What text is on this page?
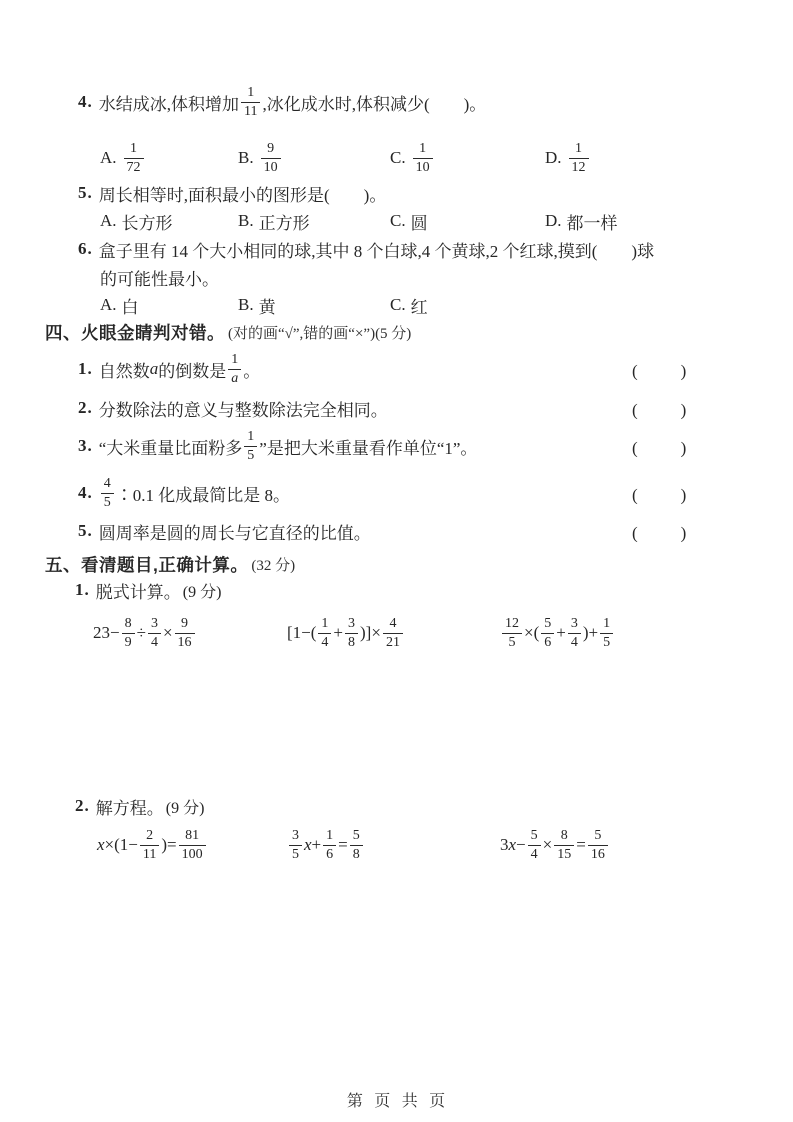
4. 水结成冰,体积增加 $\frac{1}{11}$ ,冰化成水时,体积减少(　　)。
A. $\frac{1}{72}$	B. $\frac{9}{10}$	C. $\frac{1}{10}$	D. $\frac{1}{12}$
5. 周长相等时,面积最小的图形是(　　)。
A. 长方形	B. 正方形	C. 圆	D. 都一样
6. 盒子里有 14 个大小相同的球,其中 8 个白球,4 个黄球,2 个红球,摸到(　　)球
的可能性最小。
A. 白	B. 黄	C. 红
四、火眼金睛判对错。 (对的画“√”,错的画“×”)(5 分)
1. 自然数 a 的倒数是 $\frac{1}{a}$ 。	(　　)
2. 分数除法的意义与整数除法完全相同。	(　　)
3. “大米重量比面粉多 $\frac{1}{5}$ ”是把大米重量看作单位“1”。	(　　)
4. $\frac{4}{5}$ ∶0.1 化成最简比是 8。	(　　)
5. 圆周率是圆的周长与它直径的比值。	(　　)
五、看清题目,正确计算。 (32 分)
1. 脱式计算。 (9 分)
$23- \frac{8}{9} \div \frac{3}{4} \times \frac{9}{16}$	[$1-( \frac{1}{4} + \frac{3}{8}$ )]× $\frac{4}{21}$	$\frac{12}{5}$ ×( $\frac{5}{6} + \frac{3}{4}$ )+ $\frac{1}{5}$
2. 解方程。 (9 分)
$x \times(1- \frac{2}{11}$ )= $\frac{81}{100}$	$\frac{3}{5}$ $x + \frac{1}{6} = \frac{5}{8}$	3 $x - \frac{5}{4} \times \frac{8}{15} = \frac{5}{16}$
第 页 共 页
